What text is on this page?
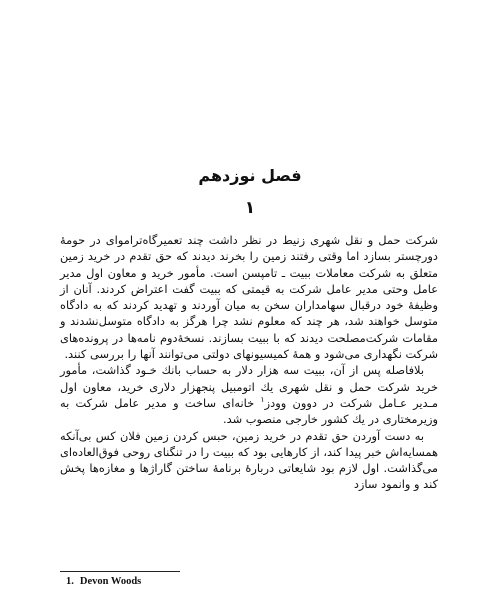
فصل نوزدهم
۱

شرکت حمل و نقل شهری زنیط در نظر داشت چند تعمیرگاه‌ترامواى در حومهٔ دورچستر بسازد اما وقتی رفتند زمین را بخرند دیدند که حق تقدم در خرید زمین متعلق به شرکت معاملات ببیت ـ تامپسن است. مأمور خرید و معاون اول مدیر عامل وحتی مدیر عامل شرکت به قیمتی که ببیت گفت اعتراض کردند. آنان از وظیفهٔ خود درقبال سهامداران سخن به میان آوردند و تهدید کردند که به دادگاه متوسل خواهند شد، هر چند که معلوم نشد چرا هرگز به دادگاه متوسل‌نشدند و مقامات شرکت‌مصلحت دیدند که با ببیت بسازند. نسخهٔ‌دوم نامه‌ها در پرونده‌های شرکت نگهداری می‌شود و همهٔ کمیسیونهای دولتی می‌توانند آنها را بررسی کنند.

بلافاصله پس از آن، ببیت سه هزار دلار به حساب بانك خـود گذاشت، مأمور خرید شرکت حمل و نقل شهری یك اتومبیل پنجهزار دلاری خرید، معاون اول مـدیر عـامل شرکت در دوون وودز$^۱$ خانه‌ای ساخت و مدیر عامل شرکت به وزیرمختاری در یك کشور خارجی منصوب شد.

به دست آوردن حق تقدم در خرید زمین، حبس کردن زمین فلان کس بی‌آنکه همسایه‌اش خبر پیدا کند، از کارهایی بود که ببیت را در تنگنای روحی فوق‌العاده‌ای می‌گذاشت. اول لازم بود شایعاتی دربارهٔ برنامهٔ ساختن گاراژها و مغازه‌ها پخش کند و وانمود سازد

1. Devon Woods
